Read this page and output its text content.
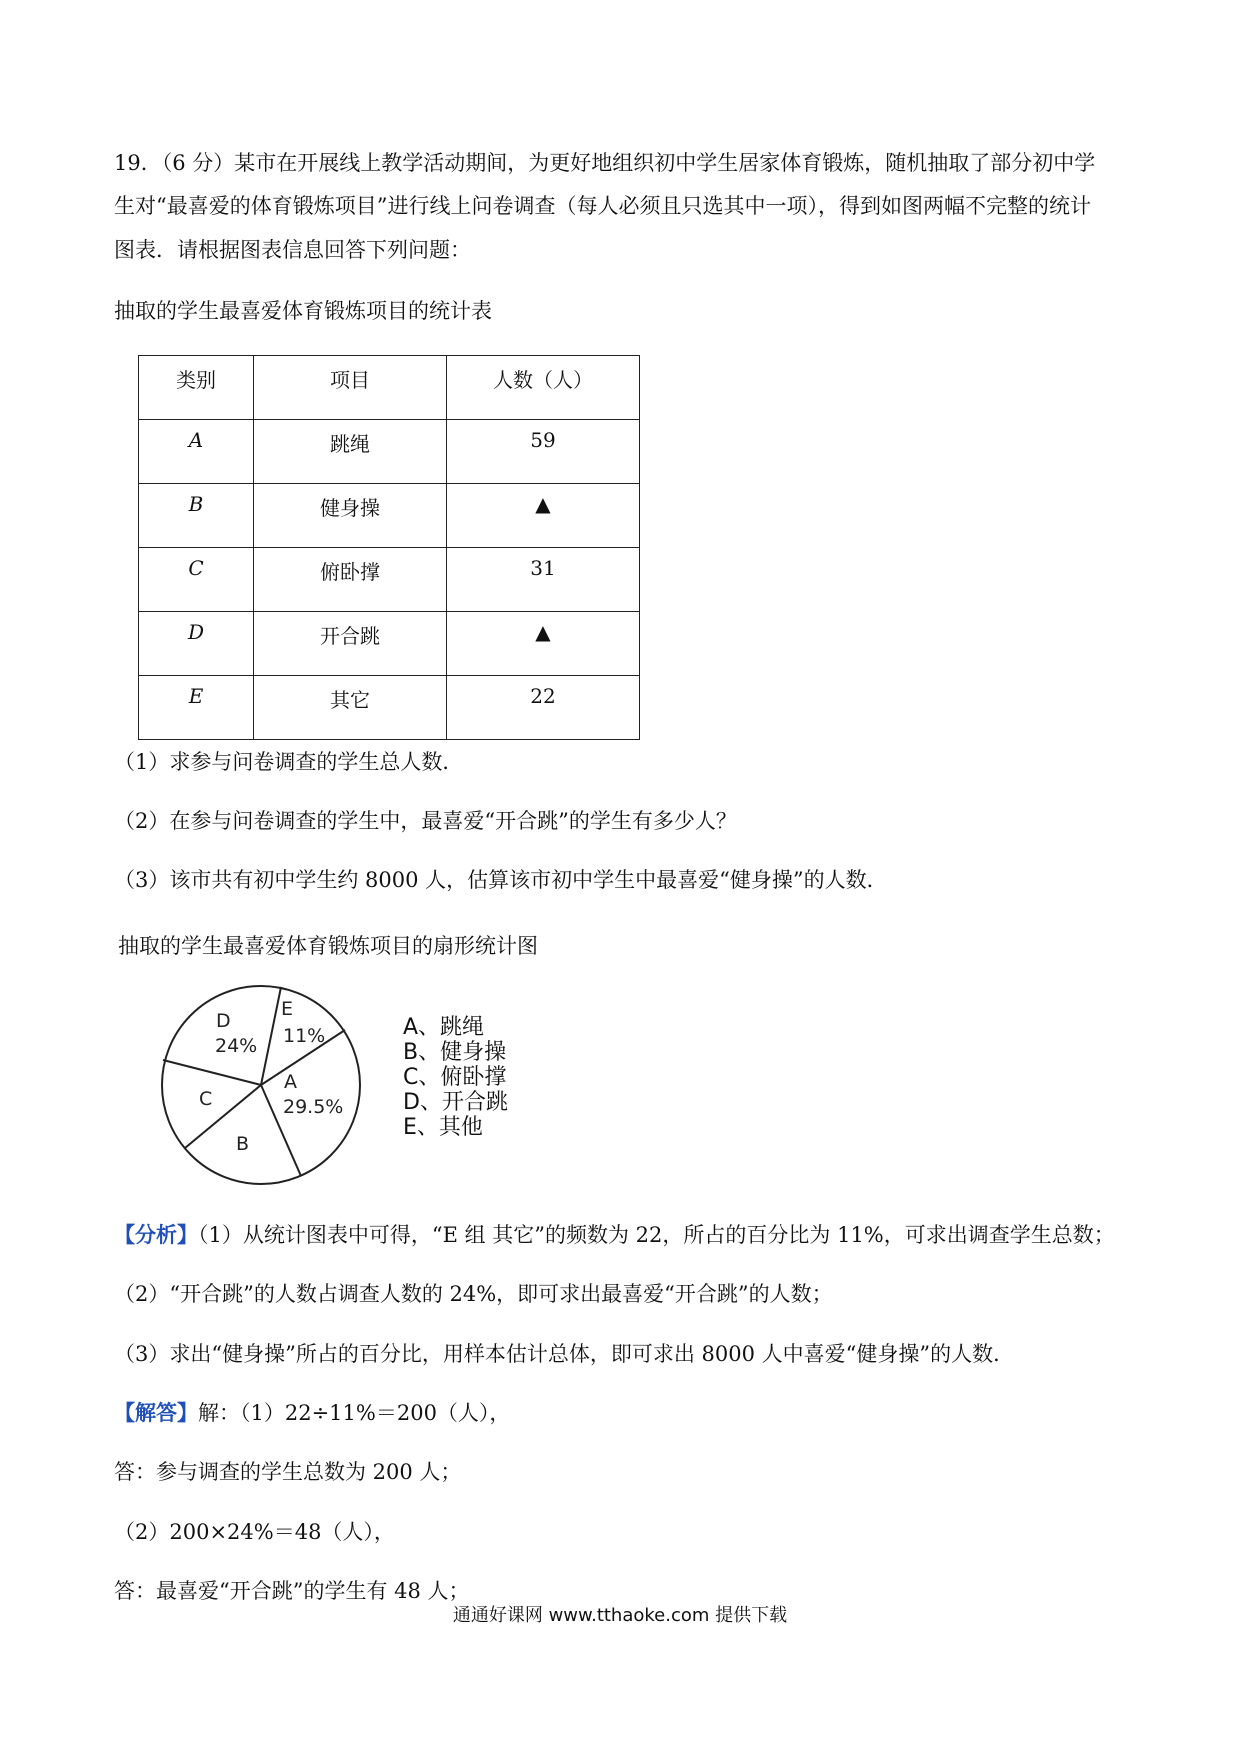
19．（6 分）某市在开展线上教学活动期间，为更好地组织初中学生居家体育锻炼，随机抽取了部分初中学
生对“最喜爱的体育锻炼项目”进行线上问卷调查（每人必须且只选其中一项），得到如图两幅不完整的统计
图表．请根据图表信息回答下列问题：
抽取的学生最喜爱体育锻炼项目的统计表
类别	项目	人数（人）

A	跳绳	59

B	健身操	▲

C	俯卧撑	31

D	开合跳	▲

E	其它	22
（1）求参与问卷调查的学生总人数．
（2）在参与问卷调查的学生中，最喜爱“开合跳”的学生有多少人？
（3）该市共有初中学生约 8000 人，估算该市初中学生中最喜爱“健身操”的人数．
抽取的学生最喜爱体育锻炼项目的扇形统计图
D
24%
E
11%
A
29.5%
C
B
A、跳绳
B、健身操
C、俯卧撑
D、开合跳
E、其他
【分析】（1）从统计图表中可得，“E 组 其它”的频数为 22，所占的百分比为 11%，可求出调查学生总数；
（2）“开合跳”的人数占调查人数的 24%，即可求出最喜爱“开合跳”的人数；
（3）求出“健身操”所占的百分比，用样本估计总体，即可求出 8000 人中喜爱“健身操”的人数．
【解答】解：（1）22÷11%＝200（人），
答：参与调查的学生总数为 200 人；
（2）200×24%＝48（人），
答：最喜爱“开合跳”的学生有 48 人；
通通好课网 www.tthaoke.com 提供下载
